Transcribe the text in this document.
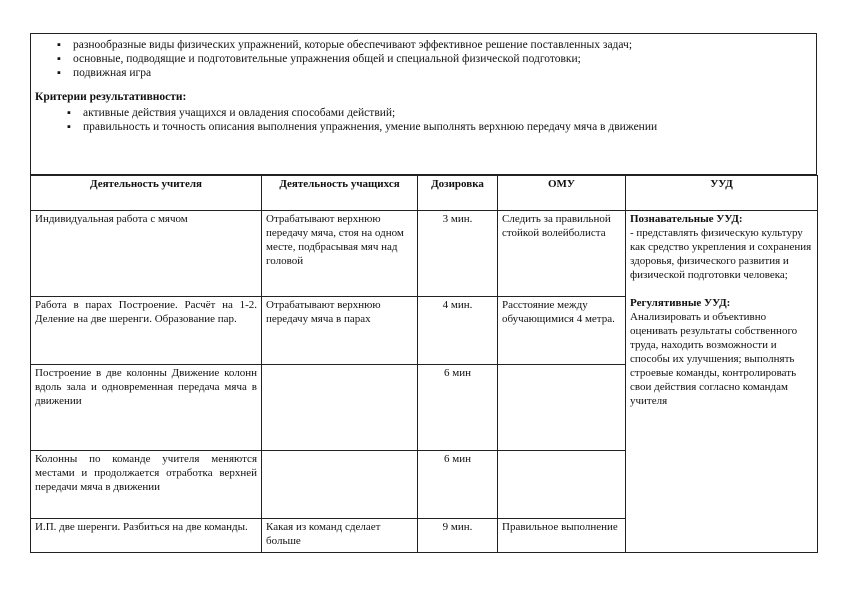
▪ разнообразные виды физических упражнений, которые обеспечивают эффективное решение поставленных задач;
▪ основные, подводящие и подготовительные упражнения общей и специальной физической подготовки;
▪ подвижная игра
Критерии результативности:
▪ активные действия учащихся и овладения способами действий;
▪ правильность и точность описания выполнения упражнения, умение выполнять верхнюю передачу мяча в движении
Деятельность учителя	Деятельность учащихся	Дозировка	ОМУ	УУД
Индивидуальная работа с мячом	Отрабатывают верхнюю передачу мяча, стоя на одном месте, подбрасывая мяч над головой	3 мин.	Следить за правильной стойкой волейболиста	Познавательные УУД:
- представлять физическую культуру как средство укрепления и сохранения здоровья, физического развития и физической подготовки человека;
Регулятивные УУД:
Анализировать и объективно оценивать результаты собственного труда, находить возможности и способы их улучшения; выполнять строевые команды, контролировать свои действия согласно командам учителя
Работа в парах Построение. Расчёт на 1-2. Деление на две шеренги. Образование пар.	Отрабатывают верхнюю передачу мяча в парах	4 мин.	Расстояние между обучающимися 4 метра.	
Построение в две колонны Движение колонн вдоль зала и одновременная передача мяча в движении		6 мин		
Колонны по команде учителя меняются местами и продолжается отработка верхней передачи мяча в движении		6 мин		
И.П. две шеренги. Разбиться на две команды.	Какая из команд сделает больше	9 мин.	Правильное выполнение	
